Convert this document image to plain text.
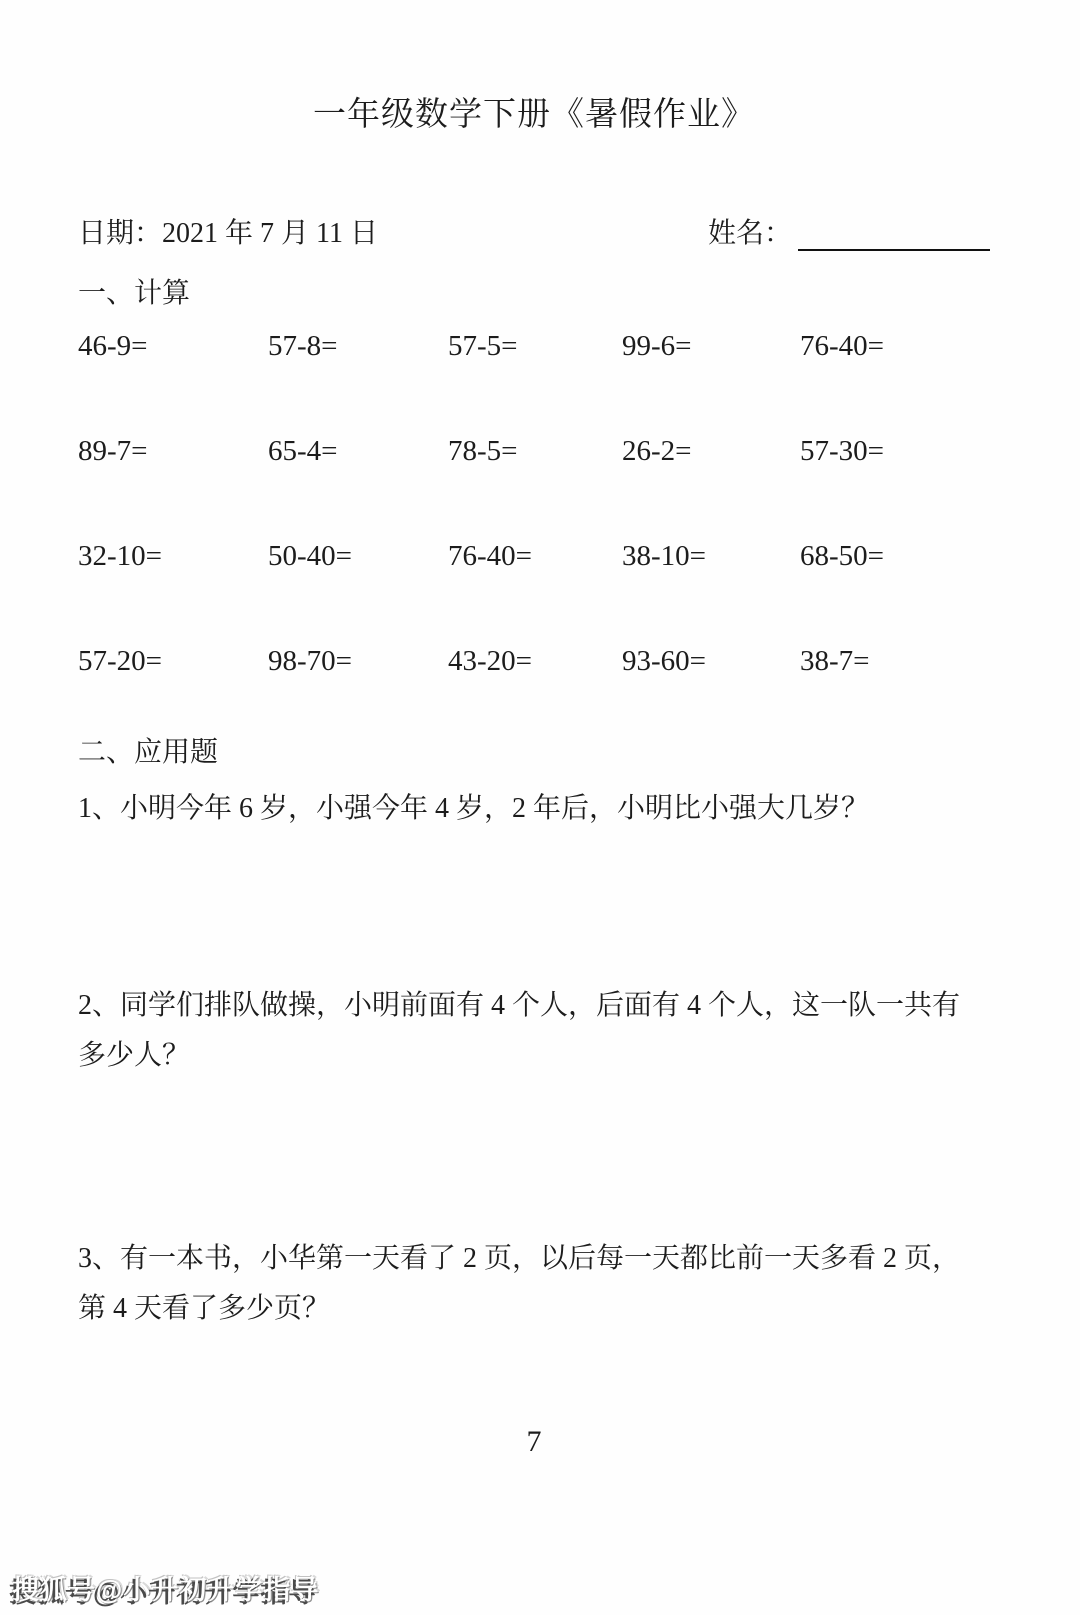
一年级数学下册《暑假作业》
日期：2021 年 7 月 11 日	姓名：
一、计算
46-9=	57-8=	57-5=	99-6=	76-40=
89-7=	65-4=	78-5=	26-2=	57-30=
32-10=	50-40=	76-40=	38-10=	68-50=
57-20=	98-70=	43-20=	93-60=	38-7=
二、应用题

1、小明今年 6 岁，小强今年 4 岁，2 年后，小明比小强大几岁？

2、同学们排队做操，小明前面有 4 个人，后面有 4 个人，这一队一共有
多少人？

3、有一本书，小华第一天看了 2 页，以后每一天都比前一天多看 2 页，
第 4 天看了多少页？

7
搜狐号@小升初升学指导
